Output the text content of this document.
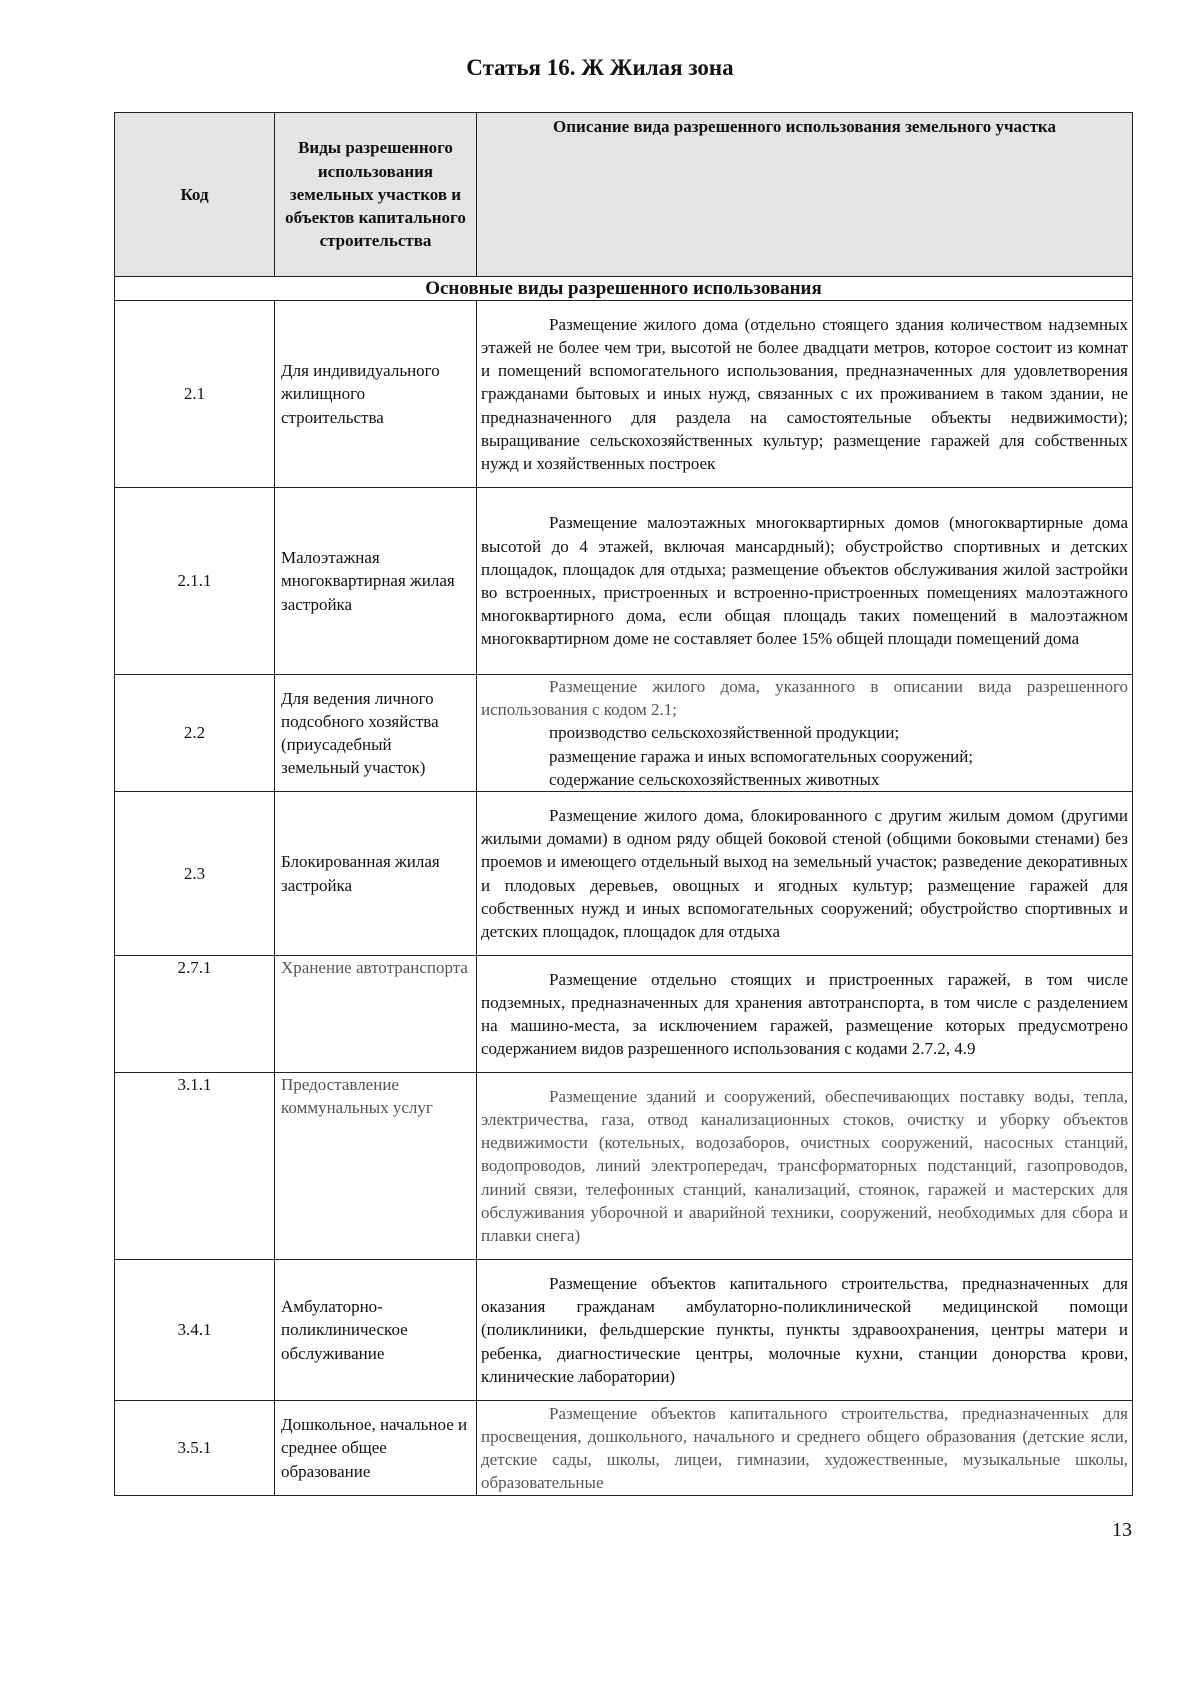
Статья 16. Ж Жилая зона
Код	Виды разрешенного использования земельных участков и объектов капитального строительства	Описание вида разрешенного использования земельного участка
Основные виды разрешенного использования		
2.1	Для индивидуального жилищного строительства	Размещение жилого дома (отдельно стоящего здания количеством надземных этажей не более чем три, высотой не более двадцати метров, которое состоит из комнат и помещений вспомогательного использования, предназначенных для удовлетворения гражданами бытовых и иных нужд, связанных с их проживанием в таком здании, не предназначенного для раздела на самостоятельные объекты недвижимости); выращивание сельскохозяйственных культур; размещение гаражей для собственных нужд и хозяйственных построек
2.1.1	Малоэтажная многоквартирная жилая застройка	Размещение малоэтажных многоквартирных домов (многоквартирные дома высотой до 4 этажей, включая мансардный); обустройство спортивных и детских площадок, площадок для отдыха; размещение объектов обслуживания жилой застройки во встроенных, пристроенных и встроенно-пристроенных помещениях малоэтажного многоквартирного дома, если общая площадь таких помещений в малоэтажном многоквартирном доме не составляет более 15% общей площади помещений дома
2.2	Для ведения личного подсобного хозяйства (приусадебный земельный участок)	Размещение жилого дома, указанного в описании вида разрешенного использования с кодом 2.1;
производство сельскохозяйственной продукции;
размещение гаража и иных вспомогательных сооружений;
содержание сельскохозяйственных животных

2.3	Блокированная жилая застройка	Размещение жилого дома, блокированного с другим жилым домом (другими жилыми домами) в одном ряду общей боковой стеной (общими боковыми стенами) без проемов и имеющего отдельный выход на земельный участок; разведение декоративных и плодовых деревьев, овощных и ягодных культур; размещение гаражей для собственных нужд и иных вспомогательных сооружений; обустройство спортивных и детских площадок, площадок для отдыха
2.7.1	Хранение автотранспорта	Размещение отдельно стоящих и пристроенных гаражей, в том числе подземных, предназначенных для хранения автотранспорта, в том числе с разделением на машино-места, за исключением гаражей, размещение которых предусмотрено содержанием видов разрешенного использования с кодами 2.7.2, 4.9
3.1.1	Предоставление коммунальных услуг	Размещение зданий и сооружений, обеспечивающих поставку воды, тепла, электричества, газа, отвод канализационных стоков, очистку и уборку объектов недвижимости (котельных, водозаборов, очистных сооружений, насосных станций, водопроводов, линий электропередач, трансформаторных подстанций, газопроводов, линий связи, телефонных станций, канализаций, стоянок, гаражей и мастерских для обслуживания уборочной и аварийной техники, сооружений, необходимых для сбора и плавки снега)
3.4.1	Амбулаторно-поликлиническое обслуживание	Размещение объектов капитального строительства, предназначенных для оказания гражданам амбулаторно-поликлинической медицинской помощи (поликлиники, фельдшерские пункты, пункты здравоохранения, центры матери и ребенка, диагностические центры, молочные кухни, станции донорства крови, клинические лаборатории)
3.5.1	Дошкольное, начальное и среднее общее образование	Размещение объектов капитального строительства, предназначенных для просвещения, дошкольного, начального и среднего общего образования (детские ясли, детские сады, школы, лицеи, гимназии, художественные, музыкальные школы, образовательные
13
